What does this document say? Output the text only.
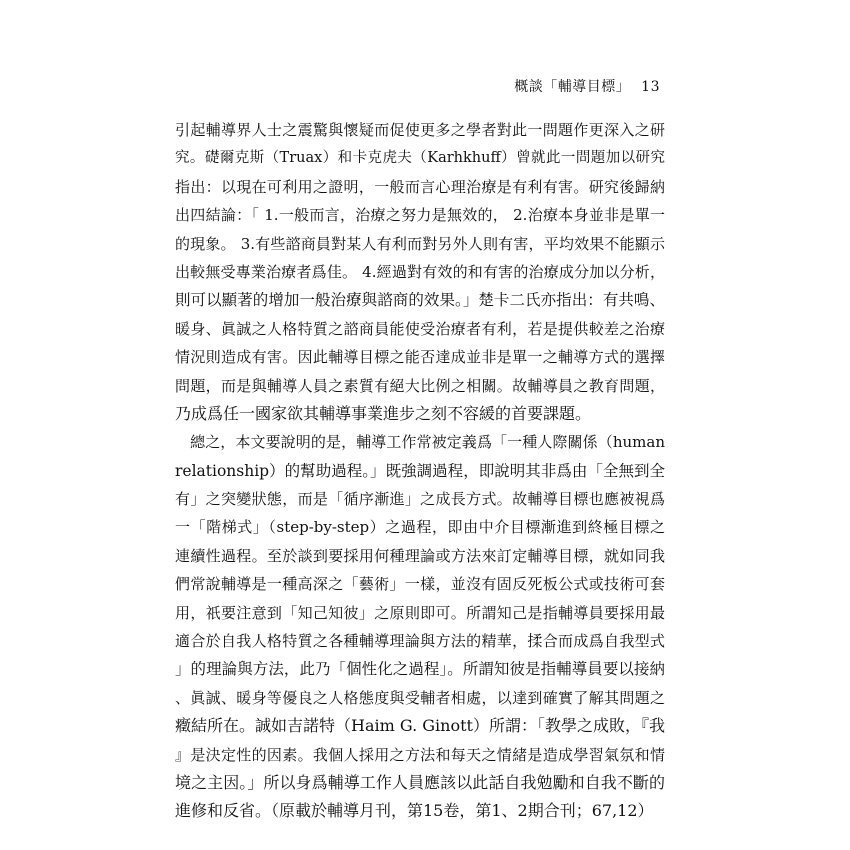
概談「輔導目標」 13
引起輔導界人士之震驚與懷疑而促使更多之學者對此一問題作更深入之研
究。礎爾克斯（Truax）和卡克虎夫（Karhkhuff）曾就此一問題加以研究
指出：以現在可利用之證明，一般而言心理治療是有利有害。研究後歸納
出四結論：「 1.一般而言，治療之努力是無效的， 2.治療本身並非是單一
的現象。 3.有些諮商員對某人有利而對另外人則有害，平均效果不能顯示
出較無受專業治療者爲佳。 4.經過對有效的和有害的治療成分加以分析，
則可以顯著的增加一般治療與諮商的效果。」楚卡二氏亦指出：有共鳴、
暖身、眞誠之人格特質之諮商員能使受治療者有利，若是提供較差之治療
情況則造成有害。因此輔導目標之能否達成並非是單一之輔導方式的選擇
問題，而是與輔導人員之素質有絕大比例之相關。故輔導員之教育問題，
乃成爲任一國家欲其輔導事業進步之刻不容緩的首要課題。
　總之，本文要說明的是，輔導工作常被定義爲「一種人際關係（human
relationship）的幫助過程。」既強調過程，即說明其非爲由「全無到全
有」之突變狀態，而是「循序漸進」之成長方式。故輔導目標也應被視爲
一「階梯式」（step-by-step）之過程，即由中介目標漸進到終極目標之
連續性過程。至於談到要採用何種理論或方法來訂定輔導目標，就如同我
們常說輔導是一種高深之「藝術」一樣，並沒有固反死板公式或技術可套
用，祇要注意到「知己知彼」之原則即可。所謂知己是指輔導員要採用最
適合於自我人格特質之各種輔導理論與方法的精華，揉合而成爲自我型式
」的理論與方法，此乃「個性化之過程」。所謂知彼是指輔導員要以接納
、眞誠、暖身等優良之人格態度與受輔者相處，以達到確實了解其問題之
癥結所在。誠如吉諾特（Haim G. Ginott）所謂：「教學之成敗，『我
』是決定性的因素。我個人採用之方法和每天之情緒是造成學習氣氛和情
境之主因。」所以身爲輔導工作人員應該以此話自我勉勵和自我不斷的
進修和反省。（原載於輔導月刊，第15卷，第1、2期合刊；67,12）
